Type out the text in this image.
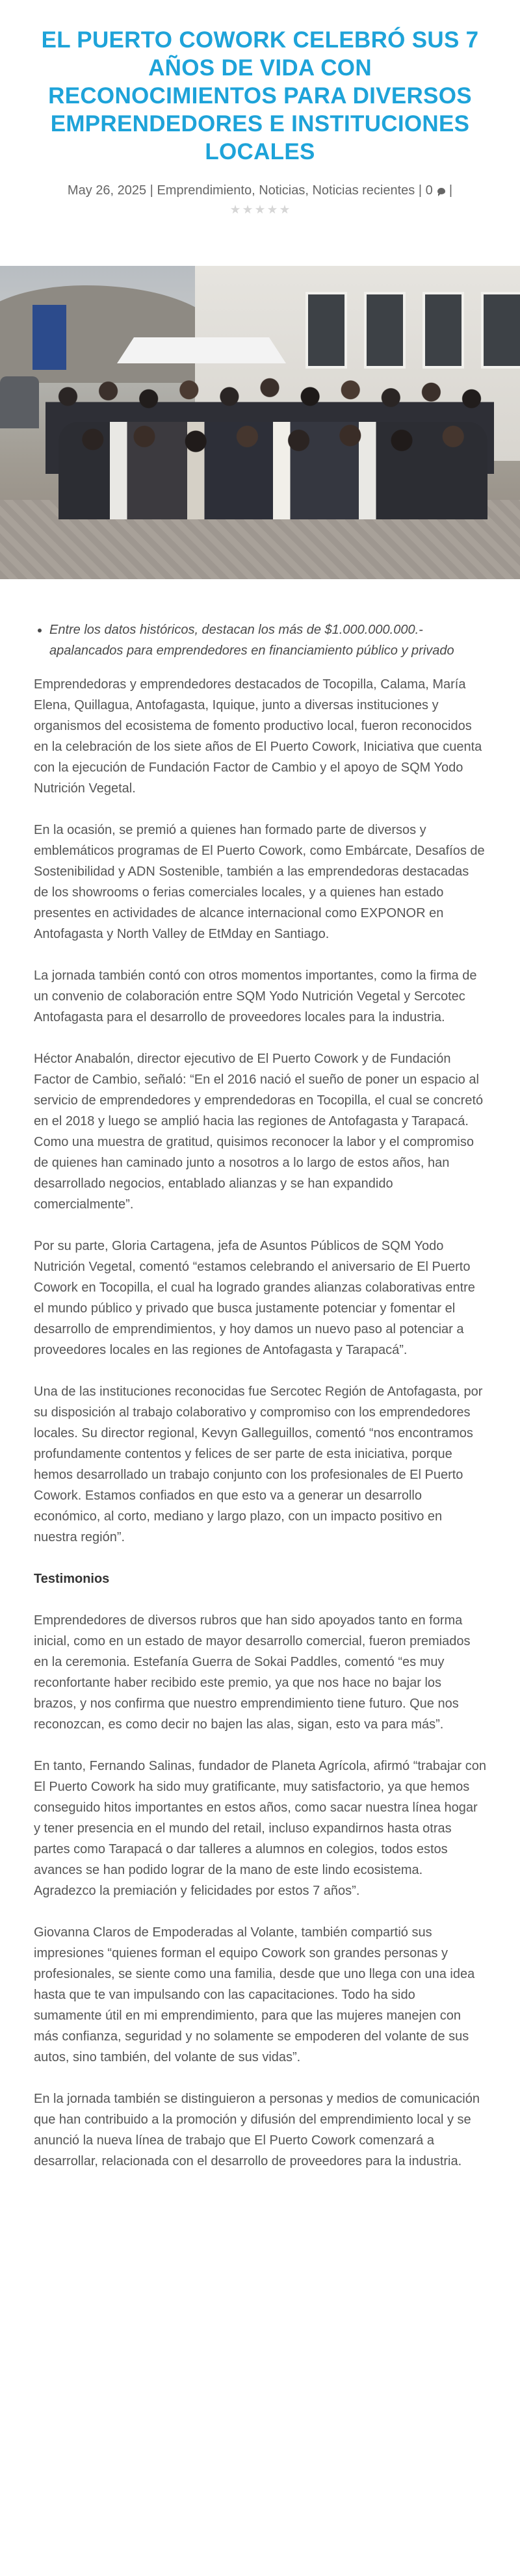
EL PUERTO COWORK CELEBRÓ SUS 7 AÑOS DE VIDA CON RECONOCIMIENTOS PARA DIVERSOS EMPRENDEDORES E INSTITUCIONES LOCALES
May 26, 2025 | Emprendimiento, Noticias, Noticias recientes | 0 |
• Entre los datos históricos, destacan los más de $1.000.000.000.- apalancados para emprendedores en financiamiento público y privado

Emprendedoras y emprendedores destacados de Tocopilla, Calama, María Elena, Quillagua, Antofagasta, Iquique, junto a diversas instituciones y organismos del ecosistema de fomento productivo local, fueron reconocidos en la celebración de los siete años de El Puerto Cowork, Iniciativa que cuenta con la ejecución de Fundación Factor de Cambio y el apoyo de SQM Yodo Nutrición Vegetal.

En la ocasión, se premió a quienes han formado parte de diversos y emblemáticos programas de El Puerto Cowork, como Embárcate, Desafíos de Sostenibilidad y ADN Sostenible, también a las emprendedoras destacadas de los showrooms o ferias comerciales locales, y a quienes han estado presentes en actividades de alcance internacional como EXPONOR en Antofagasta y North Valley de EtMday en Santiago.

La jornada también contó con otros momentos importantes, como la firma de un convenio de colaboración entre SQM Yodo Nutrición Vegetal y Sercotec Antofagasta para el desarrollo de proveedores locales para la industria.

Héctor Anabalón, director ejecutivo de El Puerto Cowork y de Fundación Factor de Cambio, señaló: “En el 2016 nació el sueño de poner un espacio al servicio de emprendedores y emprendedoras en Tocopilla, el cual se concretó en el 2018 y luego se amplió hacia las regiones de Antofagasta y Tarapacá. Como una muestra de gratitud, quisimos reconocer la labor y el compromiso de quienes han caminado junto a nosotros a lo largo de estos años, han desarrollado negocios, entablado alianzas y se han expandido comercialmente”.

Por su parte, Gloria Cartagena, jefa de Asuntos Públicos de SQM Yodo Nutrición Vegetal, comentó “estamos celebrando el aniversario de El Puerto Cowork en Tocopilla, el cual ha logrado grandes alianzas colaborativas entre el mundo público y privado que busca justamente potenciar y fomentar el desarrollo de emprendimientos, y hoy damos un nuevo paso al potenciar a proveedores locales en las regiones de Antofagasta y Tarapacá”.

Una de las instituciones reconocidas fue Sercotec Región de Antofagasta, por su disposición al trabajo colaborativo y compromiso con los emprendedores locales. Su director regional, Kevyn Galleguillos, comentó “nos encontramos profundamente contentos y felices de ser parte de esta iniciativa, porque hemos desarrollado un trabajo conjunto con los profesionales de El Puerto Cowork. Estamos confiados en que esto va a generar un desarrollo económico, al corto, mediano y largo plazo, con un impacto positivo en nuestra región”.

Testimonios

Emprendedores de diversos rubros que han sido apoyados tanto en forma inicial, como en un estado de mayor desarrollo comercial, fueron premiados en la ceremonia. Estefanía Guerra de Sokai Paddles, comentó “es muy reconfortante haber recibido este premio, ya que nos hace no bajar los brazos, y nos confirma que nuestro emprendimiento tiene futuro. Que nos reconozcan, es como decir no bajen las alas, sigan, esto va para más”.

En tanto, Fernando Salinas, fundador de Planeta Agrícola, afirmó “trabajar con El Puerto Cowork ha sido muy gratificante, muy satisfactorio, ya que hemos conseguido hitos importantes en estos años, como sacar nuestra línea hogar y tener presencia en el mundo del retail, incluso expandirnos hasta otras partes como Tarapacá o dar talleres a alumnos en colegios, todos estos avances se han podido lograr de la mano de este lindo ecosistema. Agradezco la premiación y felicidades por estos 7 años”.

Giovanna Claros de Empoderadas al Volante, también compartió sus impresiones “quienes forman el equipo Cowork son grandes personas y profesionales, se siente como una familia, desde que uno llega con una idea hasta que te van impulsando con las capacitaciones. Todo ha sido sumamente útil en mi emprendimiento, para que las mujeres manejen con más confianza, seguridad y no solamente se empoderen del volante de sus autos, sino también, del volante de sus vidas”.

En la jornada también se distinguieron a personas y medios de comunicación que han contribuido a la promoción y difusión del emprendimiento local y se anunció la nueva línea de trabajo que El Puerto Cowork comenzará a desarrollar, relacionada con el desarrollo de proveedores para la industria.
